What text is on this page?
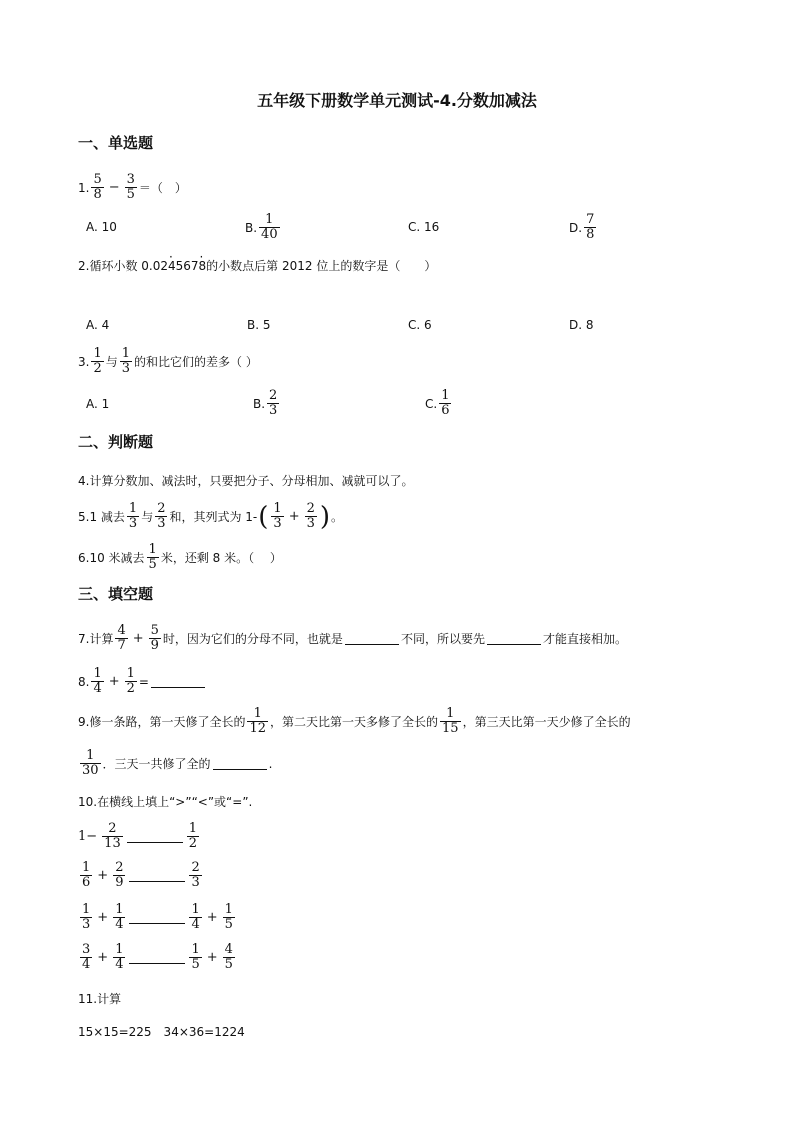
五年级下册数学单元测试-4.分数加减法
一、单选题
1. $\frac{5}{8} - \frac{3}{5}$ ＝（　）
A. 10	B. $\frac{1}{40}$	C. 16	D. $\frac{7}{8}$
2.循环小数 0.02 · 4 567 · 8 的小数点后第 2012 位上的数字是（　　）
A. 4	B. 5	C. 6	D. 8
3. $\frac{1}{2}$ 与 $\frac{1}{3}$ 的和比它们的差多（ ）
A. 1	B. $\frac{2}{3}$	C. $\frac{1}{6}$
二、判断题
4.计算分数加、减法时，只要把分子、分母相加、减就可以了。
5.1 减去 $\frac{1}{3}$ 与 $\frac{2}{3}$ 和，其列式为 1- ( $\frac{1}{3} + \frac{2}{3}$ ) 。
6.10 米减去 $\frac{1}{5}$ 米，还剩 8 米。（　 ）
三、填空题
7.计算 $\frac{4}{7} + \frac{5}{9}$ 时，因为它们的分母不同，也就是	不同，所以要先	才能直接相加。
8. $\frac{1}{4} + \frac{1}{2}$ =
9.修一条路，第一天修了全长的 $\frac{1}{12}$ ，第二天比第一天多修了全长的 $\frac{1}{15}$ ，第三天比第一天少修了全长的
$\frac{1}{30}$ ．三天一共修了全的	.
10.在横线上填上“>”“<”或“=”.
$1- \frac{2}{13}$	$\frac{1}{2}$
$\frac{1}{6} + \frac{2}{9}$	$\frac{2}{3}$
$\frac{1}{3} + \frac{1}{4}$	$\frac{1}{4} + \frac{1}{5}$
$\frac{3}{4} + \frac{1}{4}$	$\frac{1}{5} + \frac{4}{5}$
11.计算
15×15=225　34×36=1224
